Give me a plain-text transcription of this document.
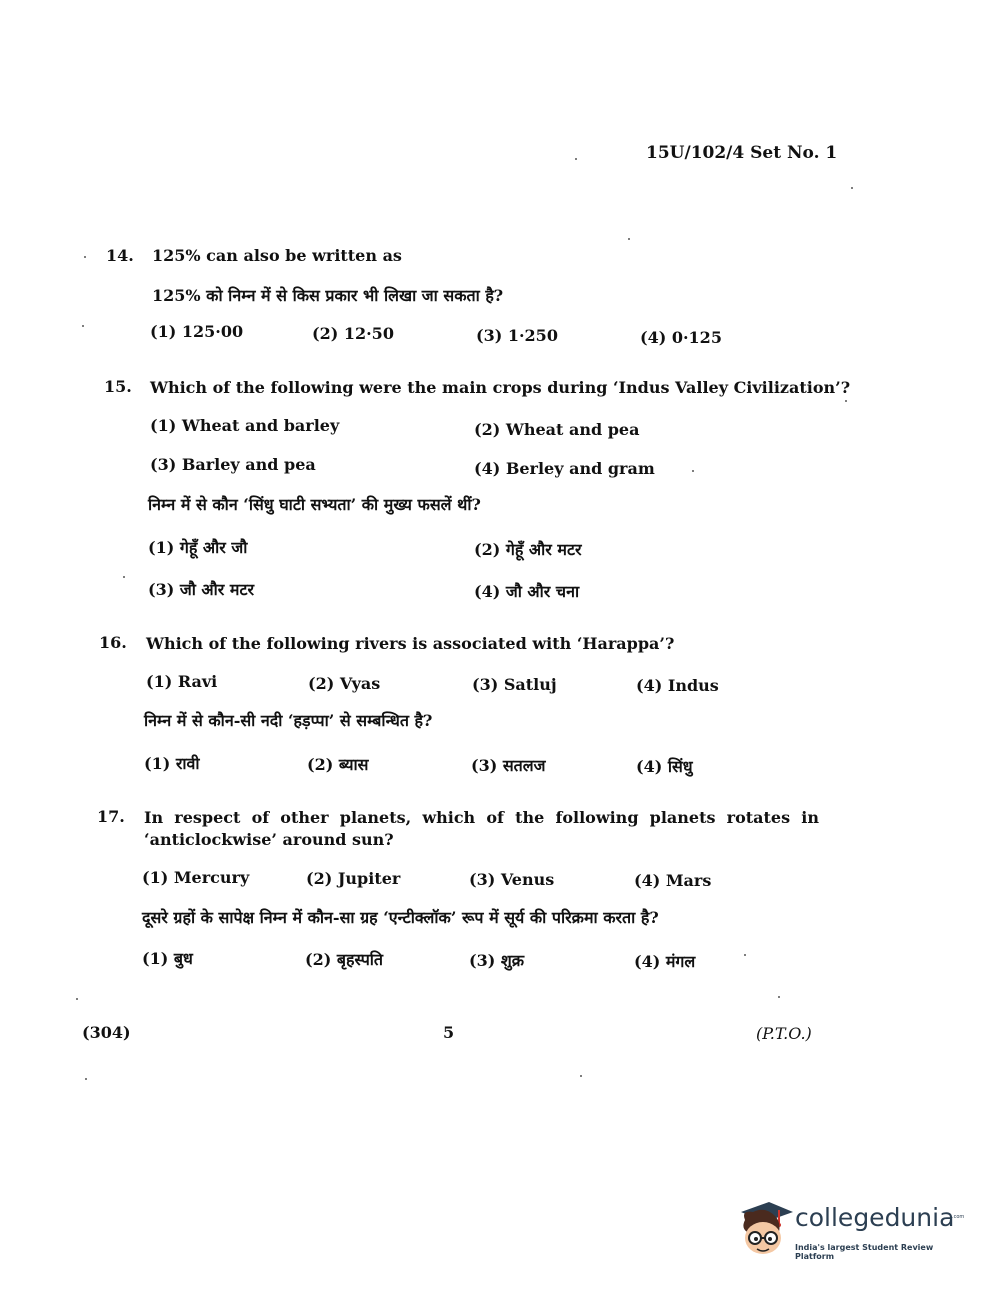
15U/102/4 Set No. 1
14. 125% can also be written as
125% को निम्न में से किस प्रकार भी लिखा जा सकता है?
(1) 125·00	(2) 12·50	(3) 1·250	(4) 0·125
15. Which of the following were the main crops during ‘Indus Valley Civilization’?
(1) Wheat and barley	(2) Wheat and pea
(3) Barley and pea	(4) Berley and gram
निम्न में से कौन ‘सिंधु घाटी सभ्यता’ की मुख्य फसलें थीं?
(1) गेहूँ और जौ	(2) गेहूँ और मटर
(3) जौ और मटर	(4) जौ और चना
16. Which of the following rivers is associated with ‘Harappa’?
(1) Ravi	(2) Vyas	(3) Satluj	(4) Indus
निम्न में से कौन-सी नदी ‘हड़प्पा’ से सम्बन्धित है?
(1) रावी	(2) ब्यास	(3) सतलज	(4) सिंधु
17. In respect of other planets, which of the following planets rotates in ‘anticlockwise’ around sun?
(1) Mercury	(2) Jupiter	(3) Venus	(4) Mars
दूसरे ग्रहों के सापेक्ष निम्न में कौन-सा ग्रह ‘एन्टीक्लॉक’ रूप में सूर्य की परिक्रमा करता है?
(1) बुध	(2) बृहस्पति	(3) शुक्र	(4) मंगल
(304)	5	(P.T.O.)
collegedunia
.com
India's largest Student Review Platform
